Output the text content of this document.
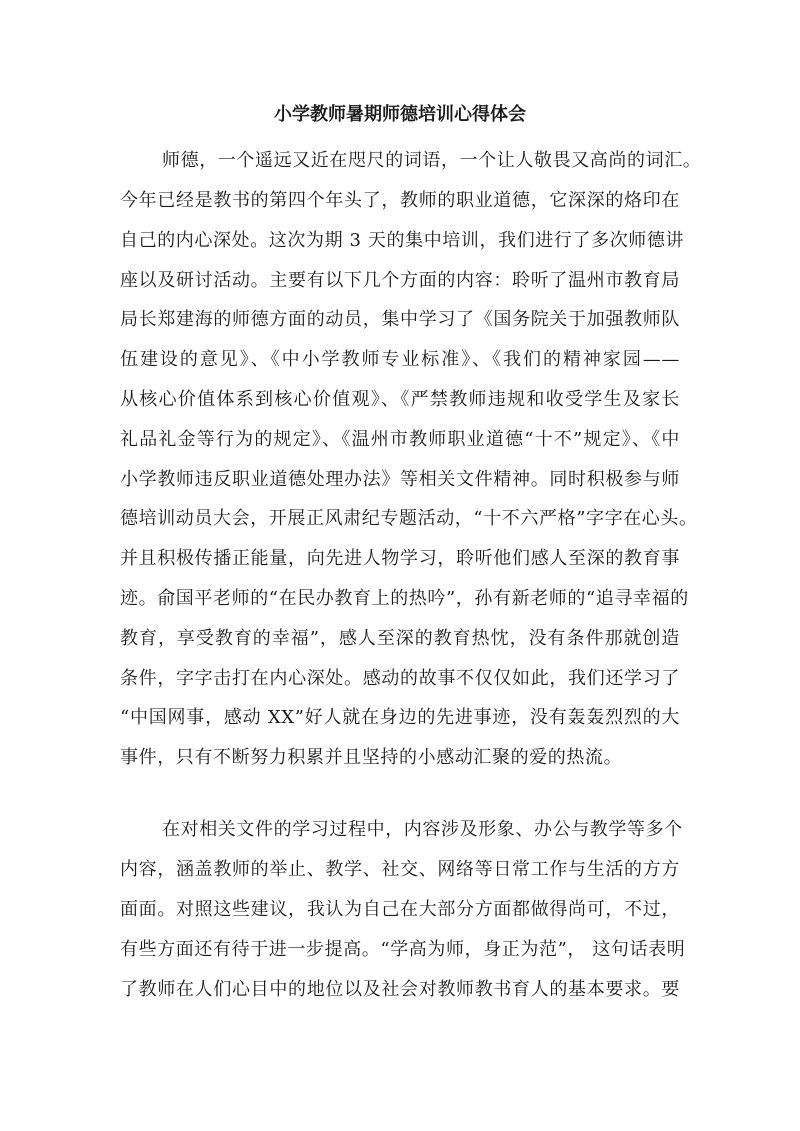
小学教师暑期师德培训心得体会
师德，一个遥远又近在咫尺的词语，一个让人敬畏又高尚的词汇。
今年已经是教书的第四个年头了，教师的职业道德，它深深的烙印在
自己的内心深处。这次为期 3 天的集中培训，我们进行了多次师德讲
座以及研讨活动。主要有以下几个方面的内容：聆听了温州市教育局
局长郑建海的师德方面的动员，集中学习了《国务院关于加强教师队
伍建设的意见》、《中小学教师专业标准》、《我们的精神家园——
从核心价值体系到核心价值观》、《严禁教师违规和收受学生及家长
礼品礼金等行为的规定》、《温州市教师职业道德“十不”规定》、《中
小学教师违反职业道德处理办法》等相关文件精神。同时积极参与师
德培训动员大会，开展正风肃纪专题活动，“十不六严格”字字在心头。
并且积极传播正能量，向先进人物学习，聆听他们感人至深的教育事
迹。俞国平老师的“在民办教育上的热吟”，孙有新老师的“追寻幸福的
教育，享受教育的幸福”，感人至深的教育热忱，没有条件那就创造
条件，字字击打在内心深处。感动的故事不仅仅如此，我们还学习了
“中国网事，感动 XX”好人就在身边的先进事迹，没有轰轰烈烈的大
事件，只有不断努力积累并且坚持的小感动汇聚的爱的热流。
在对相关文件的学习过程中，内容涉及形象、办公与教学等多个
内容，涵盖教师的举止、教学、社交、网络等日常工作与生活的方方
面面。对照这些建议，我认为自己在大部分方面都做得尚可，不过，
有些方面还有待于进一步提高。“学高为师，身正为范”， 这句话表明
了教师在人们心目中的地位以及社会对教师教书育人的基本要求。要
